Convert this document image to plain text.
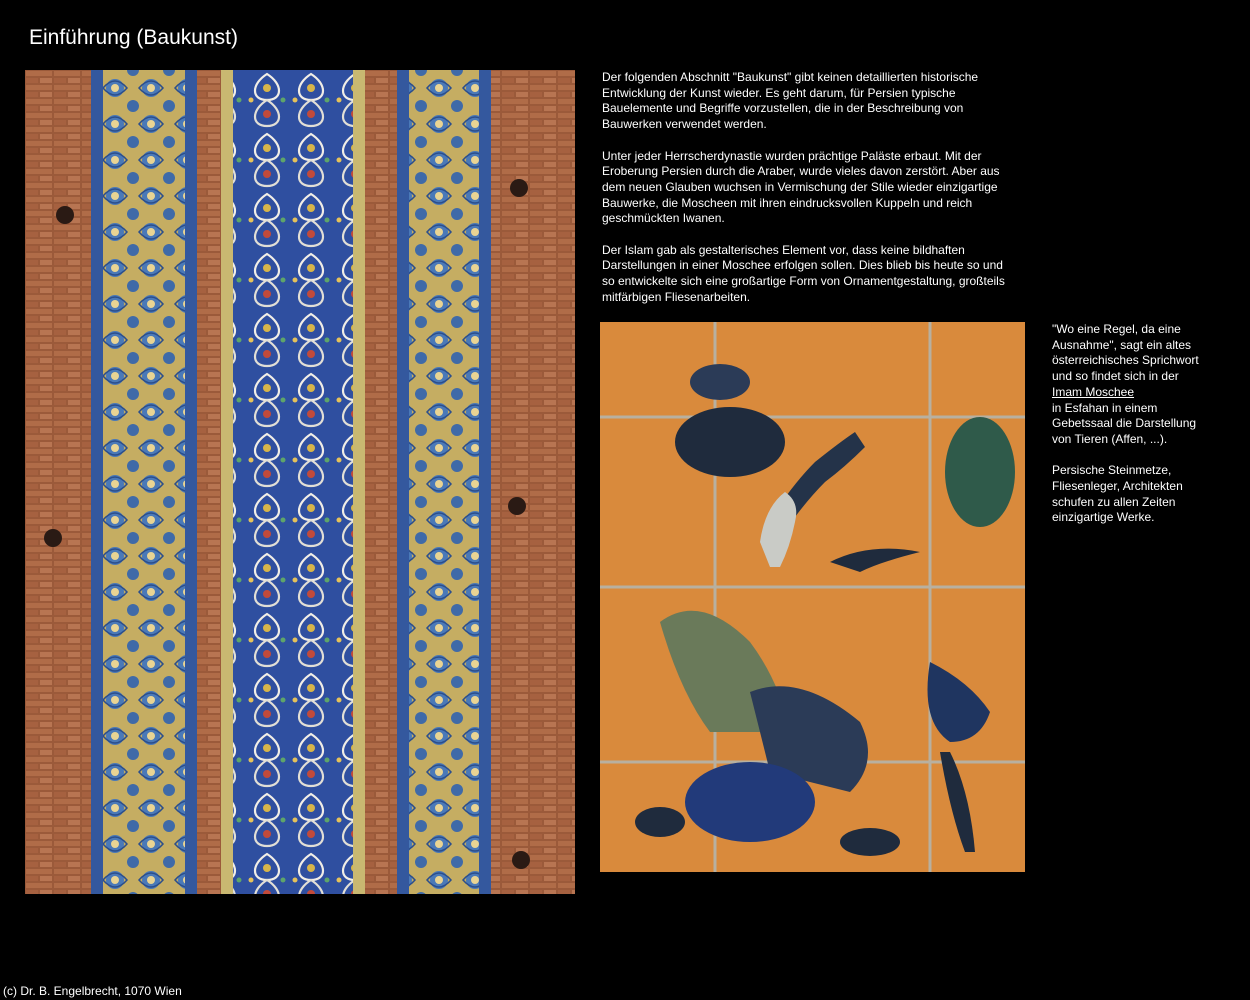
Einführung (Baukunst)

Der folgenden Abschnitt "Baukunst" gibt keinen detaillierten historische Entwicklung der Kunst wieder. Es geht darum, für Persien typische Bauelemente und Begriffe vorzustellen, die in der Beschreibung von Bauwerken verwendet werden.

Unter jeder Herrscherdynastie wurden prächtige Paläste erbaut. Mit der Eroberung Persien durch die Araber, wurde vieles davon zerstört. Aber aus dem neuen Glauben wuchsen in Vermischung der Stile wieder einzigartige Bauwerke, die Moscheen mit ihren eindrucksvollen Kuppeln und reich geschmückten Iwanen.

Der Islam gab als gestalterisches Element vor, dass keine bildhaften Darstellungen in einer Moschee erfolgen sollen. Dies blieb bis heute so und so entwickelte sich eine großartige Form von Ornamentgestaltung, großteils mitfärbigen Fliesenarbeiten.

"Wo eine Regel, da eine Ausnahme", sagt ein altes österreichisches Sprichwort und so findet sich in der
Imam Moschee
in Esfahan in einem Gebetssaal die Darstellung von Tieren (Affen, ...).

Persische Steinmetze, Fliesenleger, Architekten schufen zu allen Zeiten einzigartige Werke.

(c) Dr. B. Engelbrecht, 1070 Wien
